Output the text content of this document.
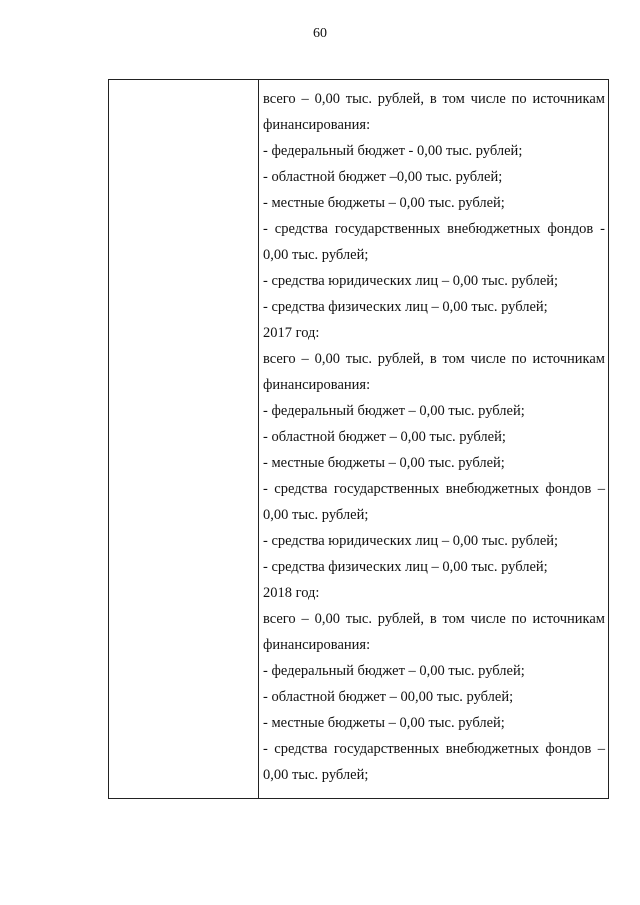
60
всего – 0,00 тыс. рублей, в том числе по источникам
финансирования:
- федеральный бюджет - 0,00 тыс. рублей;
- областной бюджет –0,00 тыс. рублей;
- местные бюджеты – 0,00 тыс. рублей;
- средства государственных внебюджетных фондов -
0,00 тыс. рублей;
- средства юридических лиц – 0,00 тыс. рублей;
- средства физических лиц – 0,00 тыс. рублей;
2017 год:
всего – 0,00 тыс. рублей, в том числе по источникам
финансирования:
- федеральный бюджет – 0,00 тыс. рублей;
- областной бюджет – 0,00 тыс. рублей;
- местные бюджеты – 0,00 тыс. рублей;
- средства государственных внебюджетных фондов –
0,00 тыс. рублей;
- средства юридических лиц – 0,00 тыс. рублей;
- средства физических лиц – 0,00 тыс. рублей;
2018 год:
всего – 0,00 тыс. рублей, в том числе по источникам
финансирования:
- федеральный бюджет – 0,00 тыс. рублей;
- областной бюджет – 00,00 тыс. рублей;
- местные бюджеты – 0,00 тыс. рублей;
- средства государственных внебюджетных фондов –
0,00 тыс. рублей;
